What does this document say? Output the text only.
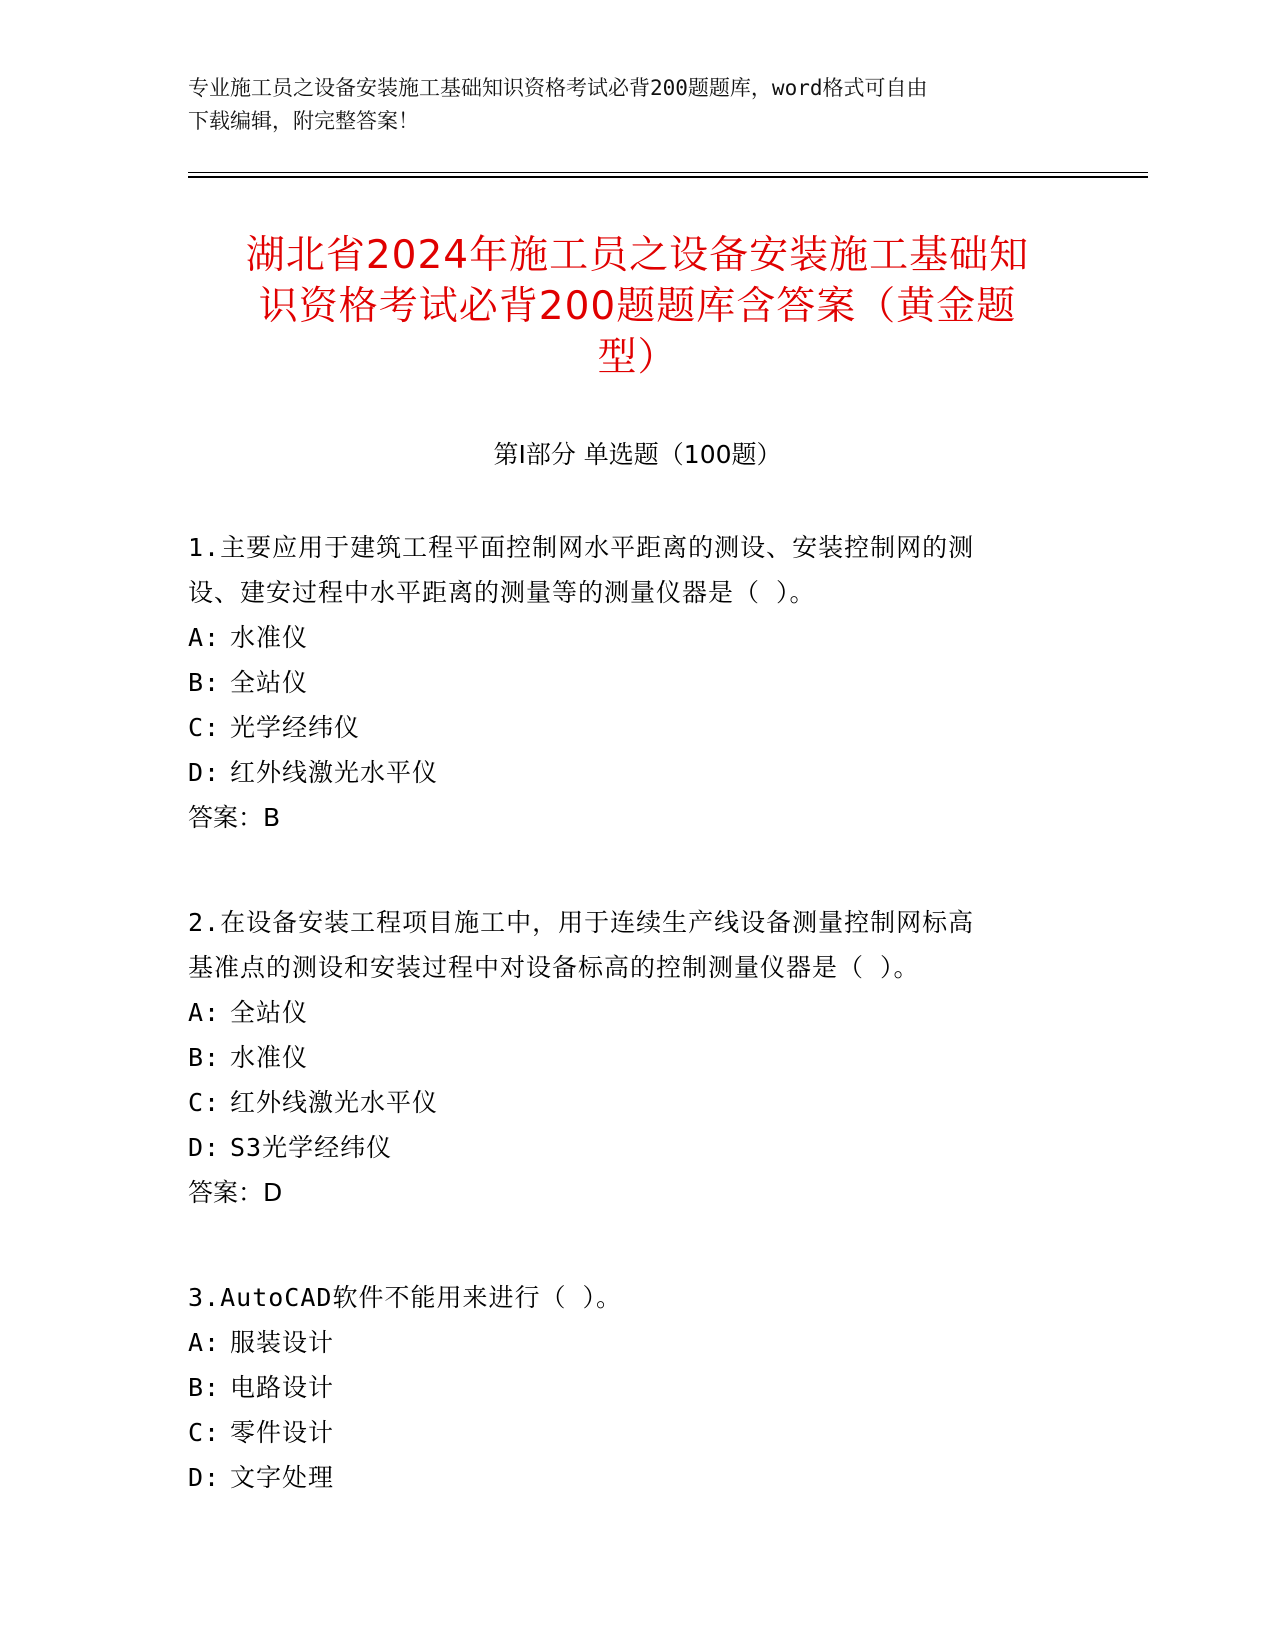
专业施工员之设备安装施工基础知识资格考试必背200题题库，word格式可自由
下载编辑，附完整答案！
湖北省2024年施工员之设备安装施工基础知
识资格考试必背200题题库含答案（黄金题
型）
第Ⅰ部分 单选题（100题）

1.主要应用于建筑工程平面控制网水平距离的测设、安装控制网的测

设、建安过程中水平距离的测量等的测量仪器是（ ）。

A: 水准仪
B: 全站仪
C: 光学经纬仪
D: 红外线激光水平仪

答案：B

2.在设备安装工程项目施工中，用于连续生产线设备测量控制网标高

基准点的测设和安装过程中对设备标高的控制测量仪器是（ ）。

A: 全站仪
B: 水准仪
C: 红外线激光水平仪
D: S3光学经纬仪

答案：D

3.AutoCAD软件不能用来进行（ ）。

A: 服装设计
B: 电路设计
C: 零件设计
D: 文字处理
